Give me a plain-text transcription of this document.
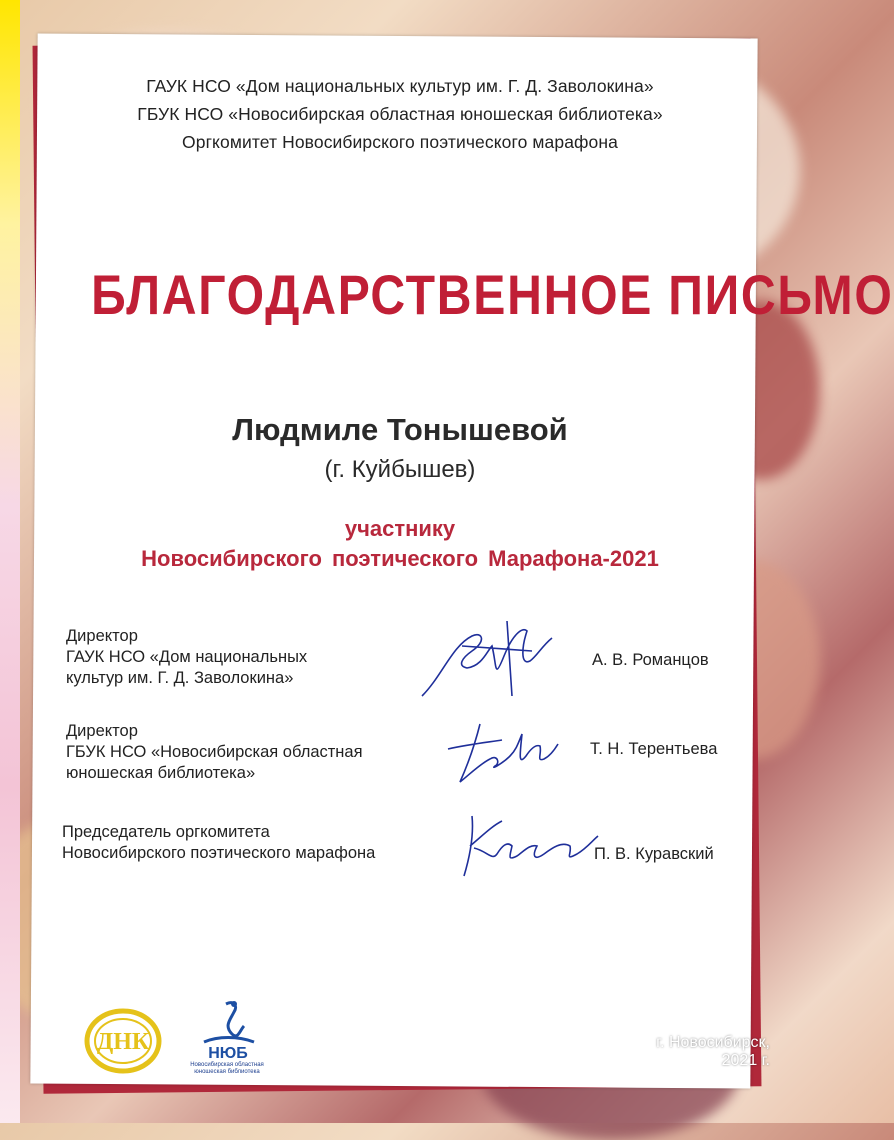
ГАУК НСО «Дом национальных культур им. Г. Д. Заволокина»
ГБУК НСО «Новосибирская областная юношеская библиотека»
Оргкомитет Новосибирского поэтического марафона
БЛАГОДАРСТВЕННОЕ ПИСЬМО
Людмиле Тонышевой
(г. Куйбышев)
участнику
Новосибирского поэтического Марафона-2021
Директор
ГАУК НСО «Дом национальных
культур им. Г. Д. Заволокина»
А. В. Романцов
Директор
ГБУК НСО «Новосибирская областная
юношеская библиотека»
Т. Н. Терентьева
Председатель оргкомитета
Новосибирского поэтического марафона	П. В. Куравский
ДНК	НЮБ
Новосибирская областная юношеская библиотека
г. Новосибирск,
2021 г.
